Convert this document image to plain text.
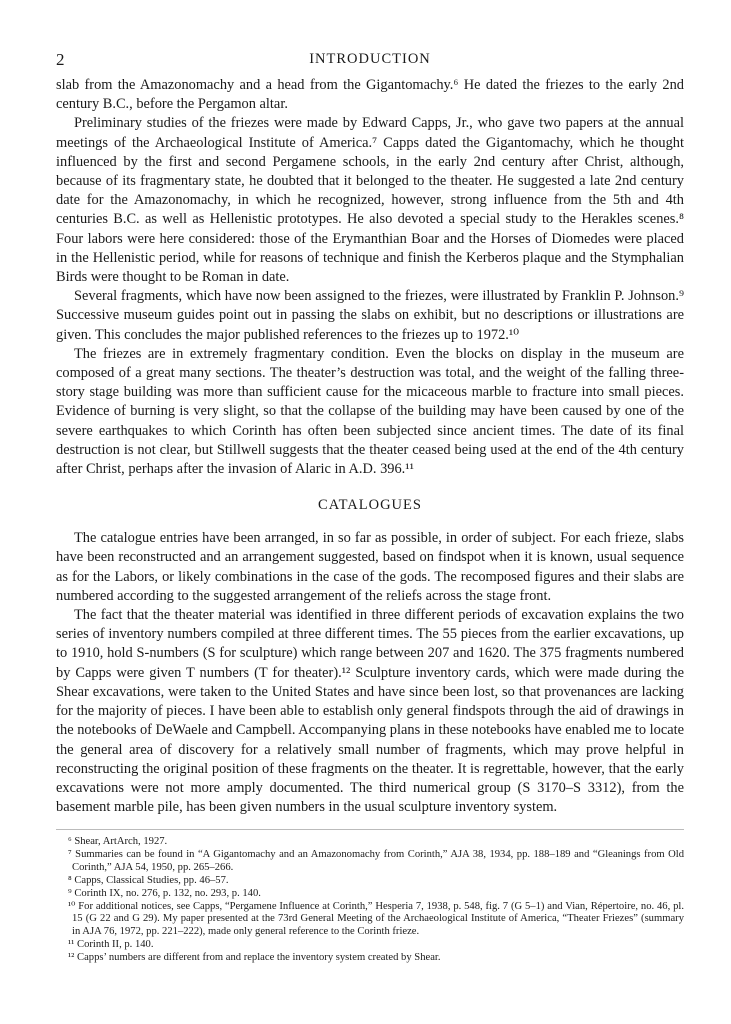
2	INTRODUCTION

slab from the Amazonomachy and a head from the Gigantomachy.⁶ He dated the friezes to the early 2nd century B.C., before the Pergamon altar.

Preliminary studies of the friezes were made by Edward Capps, Jr., who gave two papers at the annual meetings of the Archaeological Institute of America.⁷ Capps dated the Gigantomachy, which he thought influenced by the first and second Pergamene schools, in the early 2nd century after Christ, although, because of its fragmentary state, he doubted that it belonged to the theater. He suggested a late 2nd century date for the Amazonomachy, in which he recognized, however, strong influence from the 5th and 4th centuries B.C. as well as Hellenistic prototypes. He also devoted a special study to the Herakles scenes.⁸ Four labors were here considered: those of the Erymanthian Boar and the Horses of Diomedes were placed in the Hellenistic period, while for reasons of technique and finish the Kerberos plaque and the Stymphalian Birds were thought to be Roman in date.

Several fragments, which have now been assigned to the friezes, were illustrated by Franklin P. Johnson.⁹ Successive museum guides point out in passing the slabs on exhibit, but no descriptions or illustrations are given. This concludes the major published references to the friezes up to 1972.¹⁰

The friezes are in extremely fragmentary condition. Even the blocks on display in the museum are composed of a great many sections. The theater’s destruction was total, and the weight of the falling three-story stage building was more than sufficient cause for the micaceous marble to fracture into small pieces. Evidence of burning is very slight, so that the collapse of the building may have been caused by one of the severe earthquakes to which Corinth has often been subjected since ancient times. The date of its final destruction is not clear, but Stillwell suggests that the theater ceased being used at the end of the 4th century after Christ, perhaps after the invasion of Alaric in A.D. 396.¹¹

CATALOGUES

The catalogue entries have been arranged, in so far as possible, in order of subject. For each frieze, slabs have been reconstructed and an arrangement suggested, based on findspot when it is known, usual sequence as for the Labors, or likely combinations in the case of the gods. The recomposed figures and their slabs are numbered according to the suggested arrangement of the reliefs across the stage front.

The fact that the theater material was identified in three different periods of excavation explains the two series of inventory numbers compiled at three different times. The 55 pieces from the earlier excavations, up to 1910, hold S-numbers (S for sculpture) which range between 207 and 1620. The 375 fragments numbered by Capps were given T numbers (T for theater).¹² Sculpture inventory cards, which were made during the Shear excavations, were taken to the United States and have since been lost, so that provenances are lacking for the majority of pieces. I have been able to establish only general findspots through the aid of drawings in the notebooks of DeWaele and Campbell. Accompanying plans in these notebooks have enabled me to locate the general area of discovery for a relatively small number of fragments, which may prove helpful in reconstructing the original position of these fragments on the theater. It is regrettable, however, that the early excavations were not more amply documented. The third numerical group (S 3170–S 3312), from the basement marble pile, has been given numbers in the usual sculpture inventory system.

⁶ Shear, ArtArch, 1927.

⁷ Summaries can be found in “A Gigantomachy and an Amazonomachy from Corinth,” AJA 38, 1934, pp. 188–189 and “Gleanings from Old Corinth,” AJA 54, 1950, pp. 265–266.

⁸ Capps, Classical Studies, pp. 46–57.

⁹ Corinth IX, no. 276, p. 132, no. 293, p. 140.

¹⁰ For additional notices, see Capps, “Pergamene Influence at Corinth,” Hesperia 7, 1938, p. 548, fig. 7 (G 5–1) and Vian, Répertoire, no. 46, pl. 15 (G 22 and G 29). My paper presented at the 73rd General Meeting of the Archaeological Institute of America, “Theater Friezes” (summary in AJA 76, 1972, pp. 221–222), made only general reference to the Corinth frieze.

¹¹ Corinth II, p. 140.

¹² Capps’ numbers are different from and replace the inventory system created by Shear.
